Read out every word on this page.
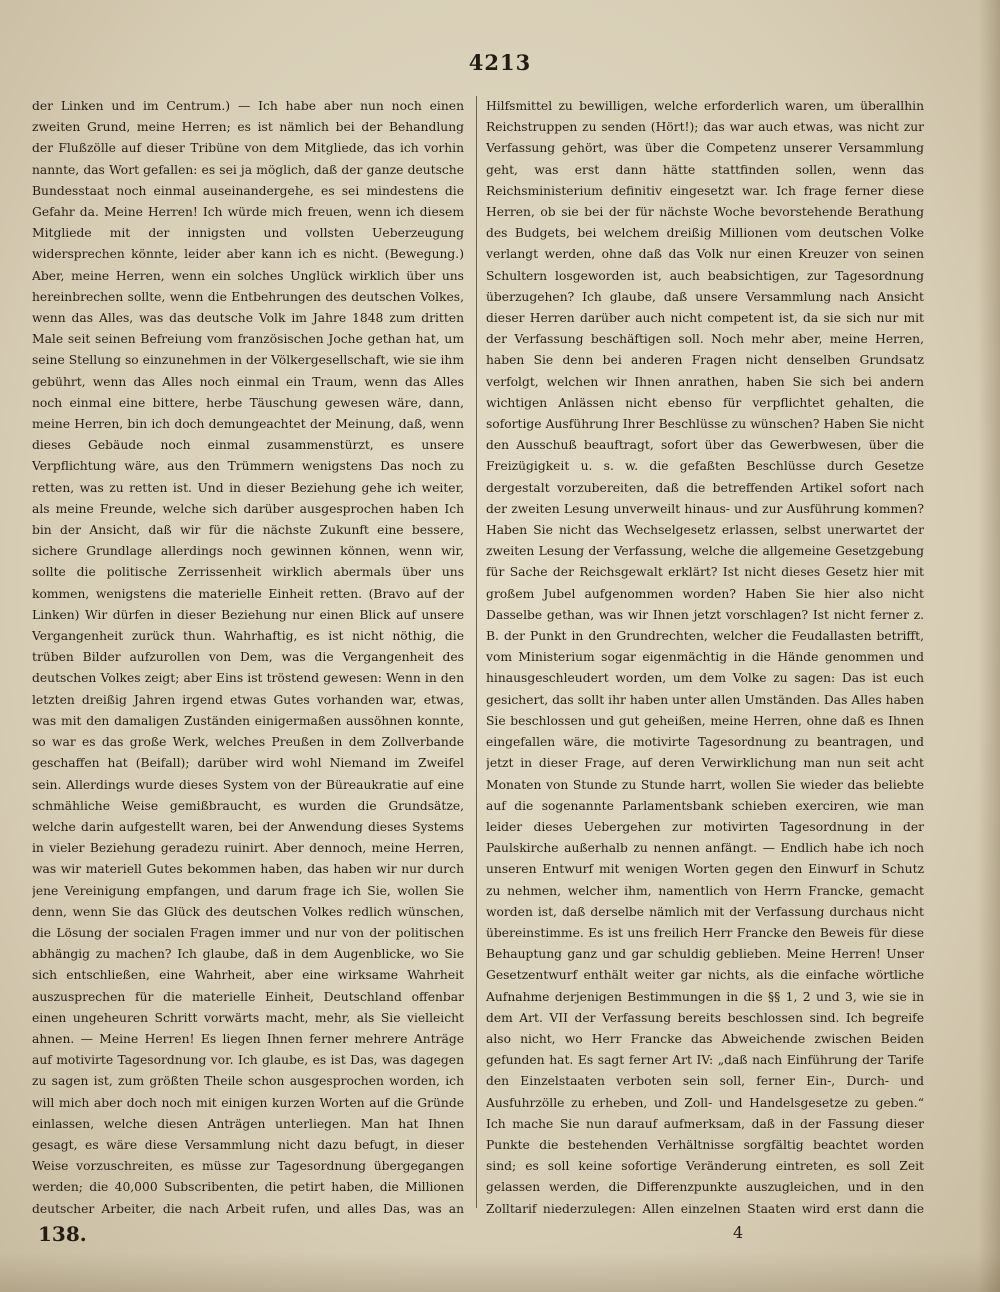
4213

der Linken und im Centrum.) — Ich habe aber nun noch einen zweiten Grund, meine Herren; es ist nämlich bei der Behandlung der Flußzölle auf dieser Tribüne von dem Mitgliede, das ich vorhin nannte, das Wort gefallen: es sei ja möglich, daß der ganze deutsche Bundesstaat noch einmal auseinandergehe, es sei mindestens die Gefahr da. Meine Herren! Ich würde mich freuen, wenn ich diesem Mitgliede mit der innigsten und vollsten Ueberzeugung widersprechen könnte, leider aber kann ich es nicht. (Bewegung.) Aber, meine Herren, wenn ein solches Unglück wirklich über uns hereinbrechen sollte, wenn die Entbehrungen des deutschen Volkes, wenn das Alles, was das deutsche Volk im Jahre 1848 zum dritten Male seit seinen Befreiung vom französischen Joche gethan hat, um seine Stellung so einzunehmen in der Völkergesellschaft, wie sie ihm gebührt, wenn das Alles noch einmal ein Traum, wenn das Alles noch einmal eine bittere, herbe Täuschung gewesen wäre, dann, meine Herren, bin ich doch demungeachtet der Meinung, daß, wenn dieses Gebäude noch einmal zusammenstürzt, es unsere Verpflichtung wäre, aus den Trümmern wenigstens Das noch zu retten, was zu retten ist. Und in dieser Beziehung gehe ich weiter, als meine Freunde, welche sich darüber ausgesprochen haben Ich bin der Ansicht, daß wir für die nächste Zukunft eine bessere, sichere Grundlage allerdings noch gewinnen können, wenn wir, sollte die politische Zerrissenheit wirklich abermals über uns kommen, wenigstens die materielle Einheit retten. (Bravo auf der Linken) Wir dürfen in dieser Beziehung nur einen Blick auf unsere Vergangenheit zurück thun. Wahrhaftig, es ist nicht nöthig, die trüben Bilder aufzurollen von Dem, was die Vergangenheit des deutschen Volkes zeigt; aber Eins ist tröstend gewesen: Wenn in den letzten dreißig Jahren irgend etwas Gutes vorhanden war, etwas, was mit den damaligen Zuständen einigermaßen aussöhnen konnte, so war es das große Werk, welches Preußen in dem Zollverbande geschaffen hat (Beifall); darüber wird wohl Niemand im Zweifel sein. Allerdings wurde dieses System von der Büreaukratie auf eine schmähliche Weise gemißbraucht, es wurden die Grundsätze, welche darin aufgestellt waren, bei der Anwendung dieses Systems in vieler Beziehung geradezu ruinirt. Aber dennoch, meine Herren, was wir materiell Gutes bekommen haben, das haben wir nur durch jene Vereinigung empfangen, und darum frage ich Sie, wollen Sie denn, wenn Sie das Glück des deutschen Volkes redlich wünschen, die Lösung der socialen Fragen immer und nur von der politischen abhängig zu machen? Ich glaube, daß in dem Augenblicke, wo Sie sich entschließen, eine Wahrheit, aber eine wirksame Wahrheit auszusprechen für die materielle Einheit, Deutschland offenbar einen ungeheuren Schritt vorwärts macht, mehr, als Sie vielleicht ahnen. — Meine Herren! Es liegen Ihnen ferner mehrere Anträge auf motivirte Tagesordnung vor. Ich glaube, es ist Das, was dagegen zu sagen ist, zum größten Theile schon ausgesprochen worden, ich will mich aber doch noch mit einigen kurzen Worten auf die Gründe einlassen, welche diesen Anträgen unterliegen. Man hat Ihnen gesagt, es wäre diese Versammlung nicht dazu befugt, in dieser Weise vorzuschreiten, es müsse zur Tagesordnung übergegangen werden; die 40,000 Subscribenten, die petirt haben, die Millionen deutscher Arbeiter, die nach Arbeit rufen, und alles Das, was an

Hilfsmittel zu bewilligen, welche erforderlich waren, um überallhin Reichstruppen zu senden (Hört!); das war auch etwas, was nicht zur Verfassung gehört, was über die Competenz unserer Versammlung geht, was erst dann hätte stattfinden sollen, wenn das Reichsministerium definitiv eingesetzt war. Ich frage ferner diese Herren, ob sie bei der für nächste Woche bevorstehende Berathung des Budgets, bei welchem dreißig Millionen vom deutschen Volke verlangt werden, ohne daß das Volk nur einen Kreuzer von seinen Schultern losgeworden ist, auch beabsichtigen, zur Tagesordnung überzugehen? Ich glaube, daß unsere Versammlung nach Ansicht dieser Herren darüber auch nicht competent ist, da sie sich nur mit der Verfassung beschäftigen soll. Noch mehr aber, meine Herren, haben Sie denn bei anderen Fragen nicht denselben Grundsatz verfolgt, welchen wir Ihnen anrathen, haben Sie sich bei andern wichtigen Anlässen nicht ebenso für verpflichtet gehalten, die sofortige Ausführung Ihrer Beschlüsse zu wünschen? Haben Sie nicht den Ausschuß beauftragt, sofort über das Gewerbwesen, über die Freizügigkeit u. s. w. die gefaßten Beschlüsse durch Gesetze dergestalt vorzubereiten, daß die betreffenden Artikel sofort nach der zweiten Lesung unverweilt hinaus- und zur Ausführung kommen? Haben Sie nicht das Wechselgesetz erlassen, selbst unerwartet der zweiten Lesung der Verfassung, welche die allgemeine Gesetzgebung für Sache der Reichsgewalt erklärt? Ist nicht dieses Gesetz hier mit großem Jubel aufgenommen worden? Haben Sie hier also nicht Dasselbe gethan, was wir Ihnen jetzt vorschlagen? Ist nicht ferner z. B. der Punkt in den Grundrechten, welcher die Feudallasten betrifft, vom Ministerium sogar eigenmächtig in die Hände genommen und hinausgeschleudert worden, um dem Volke zu sagen: Das ist euch gesichert, das sollt ihr haben unter allen Umständen. Das Alles haben Sie beschlossen und gut geheißen, meine Herren, ohne daß es Ihnen eingefallen wäre, die motivirte Tagesordnung zu beantragen, und jetzt in dieser Frage, auf deren Verwirklichung man nun seit acht Monaten von Stunde zu Stunde harrt, wollen Sie wieder das beliebte auf die sogenannte Parlamentsbank schieben exerciren, wie man leider dieses Uebergehen zur motivirten Tagesordnung in der Paulskirche außerhalb zu nennen anfängt. — Endlich habe ich noch unseren Entwurf mit wenigen Worten gegen den Einwurf in Schutz zu nehmen, welcher ihm, namentlich von Herrn Francke, gemacht worden ist, daß derselbe nämlich mit der Verfassung durchaus nicht übereinstimme. Es ist uns freilich Herr Francke den Beweis für diese Behauptung ganz und gar schuldig geblieben. Meine Herren! Unser Gesetzentwurf enthält weiter gar nichts, als die einfache wörtliche Aufnahme derjenigen Bestimmungen in die §§ 1, 2 und 3, wie sie in dem Art. VII der Verfassung bereits beschlossen sind. Ich begreife also nicht, wo Herr Francke das Abweichende zwischen Beiden gefunden hat. Es sagt ferner Art IV: „daß nach Einführung der Tarife den Einzelstaaten verboten sein soll, ferner Ein-, Durch- und Ausfuhrzölle zu erheben, und Zoll- und Handelsgesetze zu geben.“ Ich mache Sie nun darauf aufmerksam, daß in der Fassung dieser Punkte die bestehenden Verhältnisse sorgfältig beachtet worden sind; es soll keine sofortige Veränderung eintreten, es soll Zeit gelassen werden, die Differenzpunkte auszugleichen, und in den Zolltarif niederzulegen: Allen einzelnen Staaten wird erst dann die

138.	4
